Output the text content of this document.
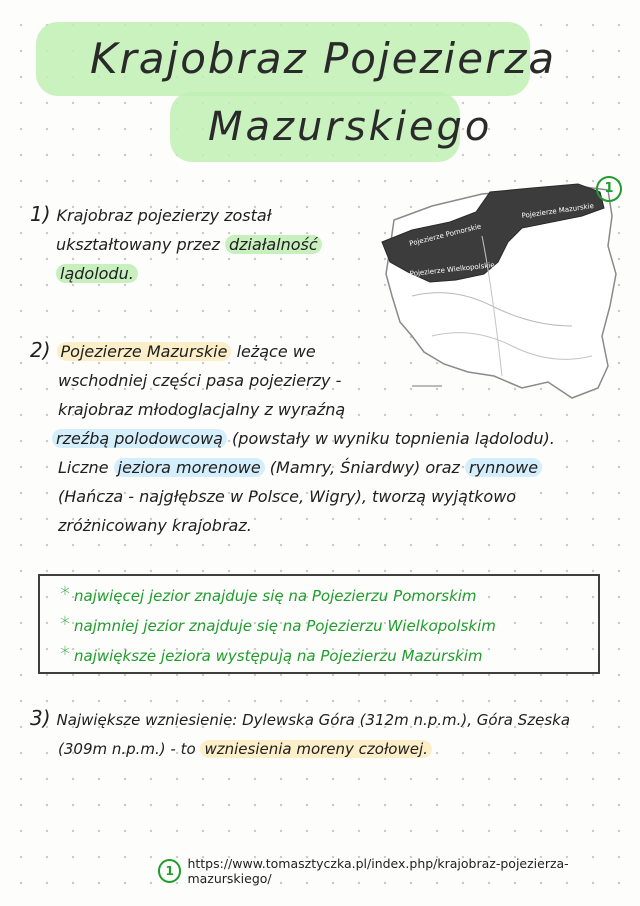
Krajobraz Pojezierza
Mazurskiego
1) Krajobraz pojezierzy został
ukształtowany przez działalność
lądolodu.
Pojezierze Pomorskie
Pojezierze Mazurskie
Pojezierze Wielkopolskie
1
2) Pojezierze Mazurskie leżące we
wschodniej części pasa pojezierzy -
krajobraz młodoglacjalny z wyraźną
rzeźbą polodowcową (powstały w wyniku topnienia lądolodu).
Liczne jeziora morenowe (Mamry, Śniardwy) oraz rynnowe
(Hańcza - najgłębsze w Polsce, Wigry), tworzą wyjątkowo
zróżnicowany krajobraz.
* najwięcej jezior znajduje się na Pojezierzu Pomorskim
* najmniej jezior znajduje się na Pojezierzu Wielkopolskim
* największe jeziora występują na Pojezierzu Mazurskim
3) Największe wzniesienie: Dylewska Góra (312m n.p.m.), Góra Szeska
(309m n.p.m.) - to wzniesienia moreny czołowej.
1	https://www.tomasztyczka.pl/index.php/krajobraz-pojezierza-mazurskiego/
